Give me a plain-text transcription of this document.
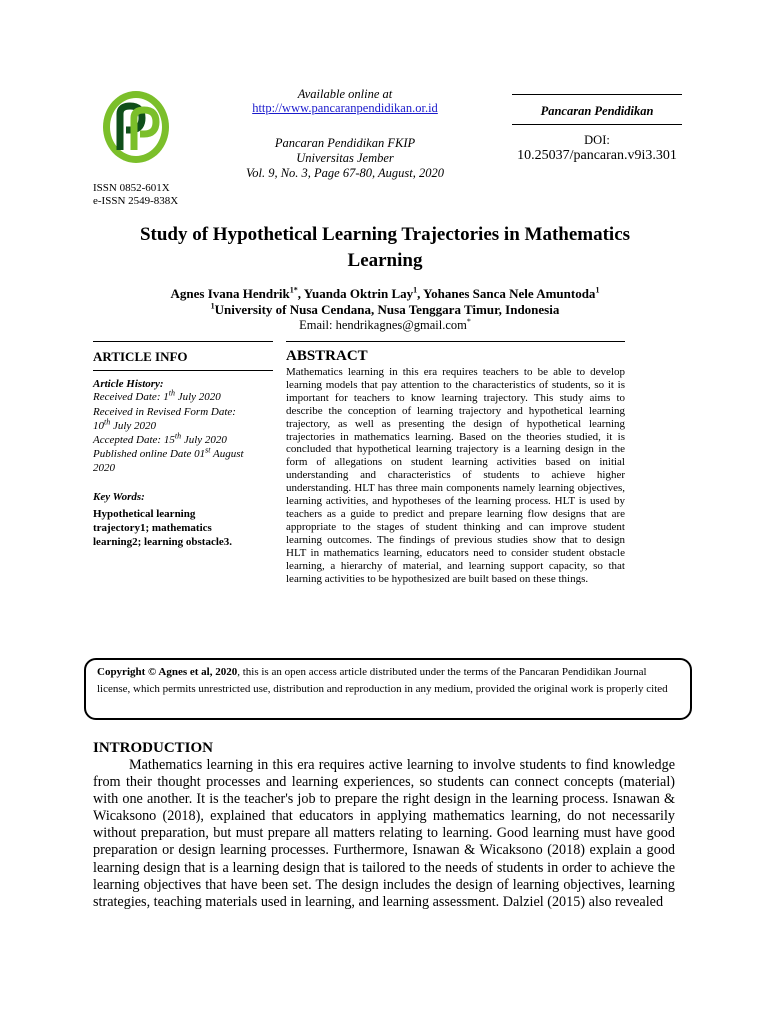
Available online at
http://www.pancaranpendidikan.or.id
Pancaran Pendidikan FKIP
Universitas Jember
Vol. 9, No. 3, Page 67-80, August, 2020
Pancaran Pendidikan
DOI:
10.25037/pancaran.v9i3.301
ISSN 0852-601X
e-ISSN 2549-838X
Study of Hypothetical Learning Trajectories in Mathematics
Learning
Agnes Ivana Hendrik$^{1*}$, Yuanda Oktrin Lay$^1$, Yohanes Sanca Nele Amuntoda$^1$
$^1$University of Nusa Cendana, Nusa Tenggara Timur, Indonesia
Email: hendrikagnes@gmail.com*
ARTICLE INFO
Article History:
Received Date: 1th July 2020
Received in Revised Form Date:
10th July 2020
Accepted Date: 15th July 2020
Published online Date 01st August
2020
Key Words:
Hypothetical learning
trajectory1; mathematics
learning2; learning obstacle3.
ABSTRACT
Mathematics learning in this era requires teachers to be able to develop learning models that pay attention to the characteristics of students, so it is important for teachers to know learning trajectory. This study aims to describe the conception of learning trajectory and hypothetical learning trajectory, as well as presenting the design of hypothetical learning trajectories in mathematics learning. Based on the theories studied, it is concluded that hypothetical learning trajectory is a learning design in the form of allegations on student learning activities based on initial understanding and characteristics of students to achieve higher understanding. HLT has three main components namely learning objectives, learning activities, and hypotheses of the learning process. HLT is used by teachers as a guide to predict and prepare learning flow designs that are appropriate to the stages of student thinking and can improve student learning outcomes. The findings of previous studies show that to design HLT in mathematics learning, educators need to consider student obstacle learning, a hierarchy of material, and learning support capacity, so that learning activities to be hypothesized are built based on these things.
Copyright © Agnes et al, 2020, this is an open access article distributed under the terms of the Pancaran Pendidikan Journal license, which permits unrestricted use, distribution and reproduction in any medium, provided the original work is properly cited
INTRODUCTION
Mathematics learning in this era requires active learning to involve students to find knowledge from their thought processes and learning experiences, so students can connect concepts (material) with one another. It is the teacher's job to prepare the right design in the learning process. Isnawan & Wicaksono (2018), explained that educators in applying mathematics learning, do not necessarily without preparation, but must prepare all matters relating to learning. Good learning must have good preparation or design learning processes. Furthermore, Isnawan & Wicaksono (2018) explain a good learning design that is a learning design that is tailored to the needs of students in order to achieve the learning objectives that have been set. The design includes the design of learning objectives, learning strategies, teaching materials used in learning, and learning assessment. Dalziel (2015) also revealed
